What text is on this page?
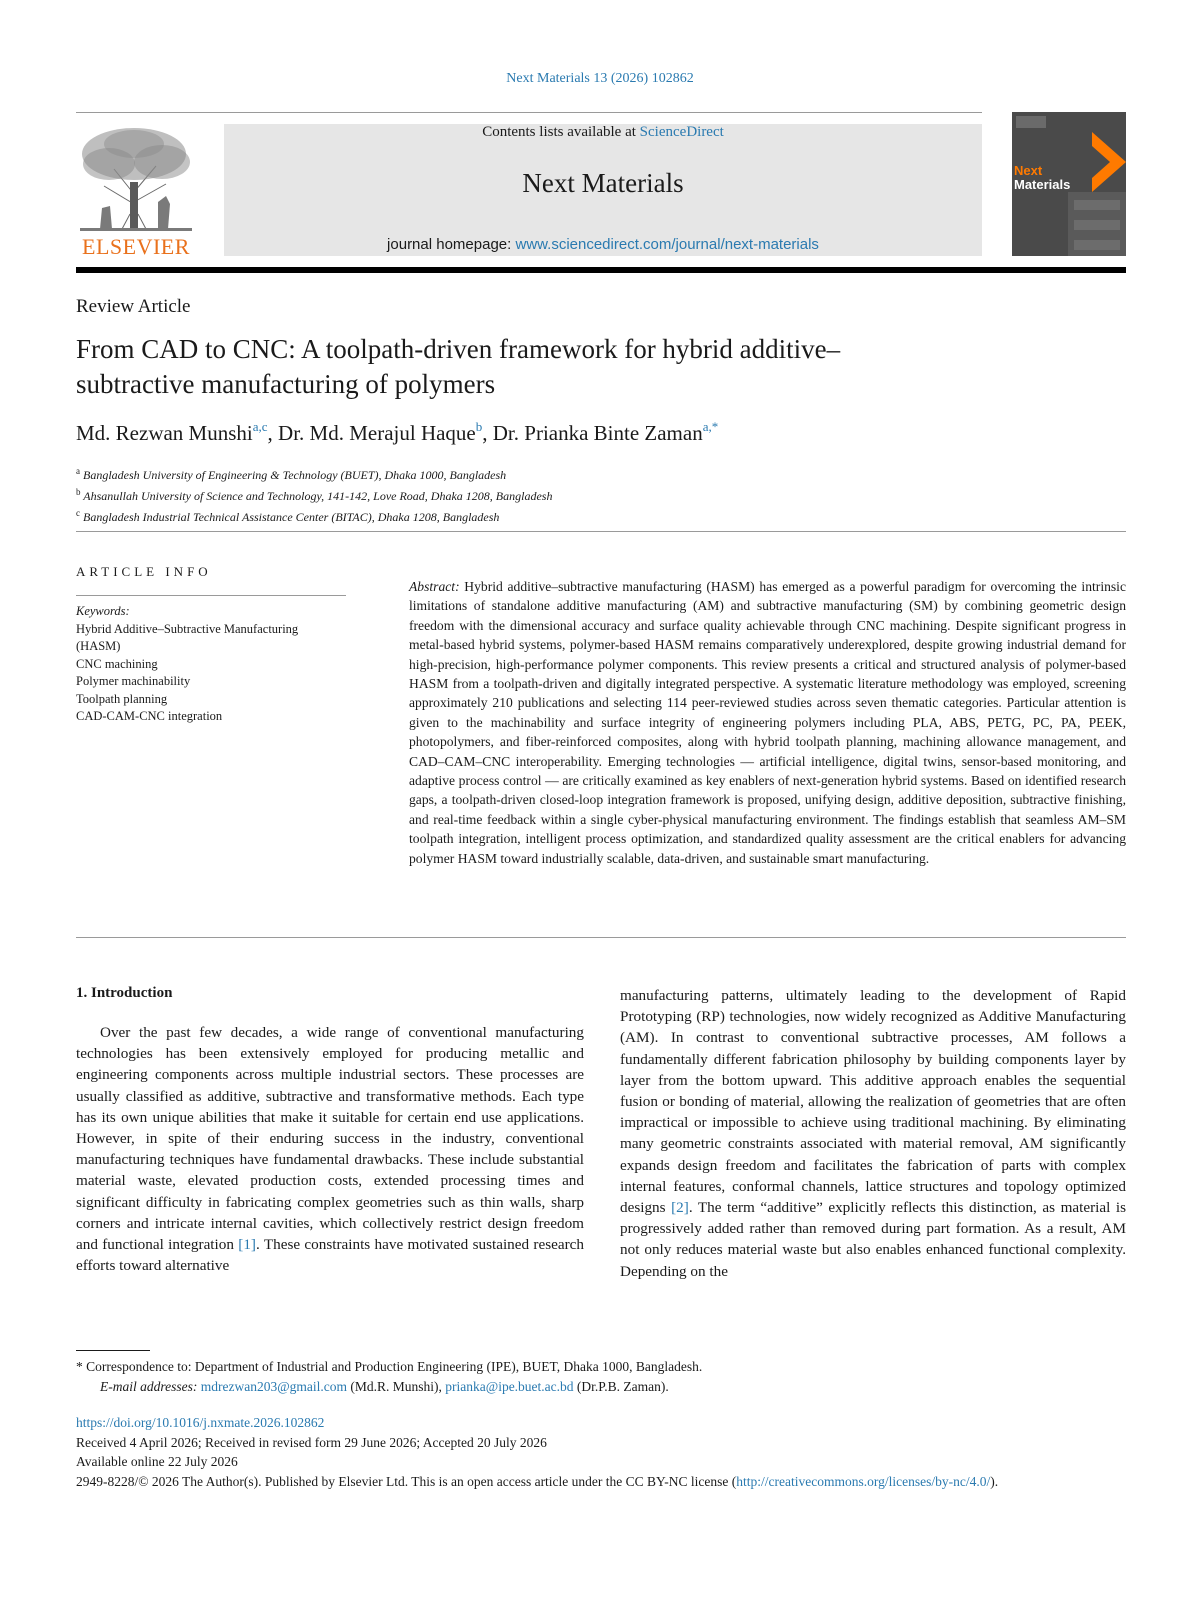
Next Materials 13 (2026) 102862
ELSEVIER
Contents lists available at ScienceDirect
Next Materials
journal homepage: www.sciencedirect.com/journal/next-materials
Next
Materials
Review Article
From CAD to CNC: A toolpath-driven framework for hybrid additive–subtractive manufacturing of polymers
Md. Rezwan Munshi$^{a,c}$, Dr. Md. Merajul Haque$^b$, Dr. Prianka Binte Zaman$^{a,*}$
$^a$ Bangladesh University of Engineering & Technology (BUET), Dhaka 1000, Bangladesh
$^b$ Ahsanullah University of Science and Technology, 141-142, Love Road, Dhaka 1208, Bangladesh
$^c$ Bangladesh Industrial Technical Assistance Center (BITAC), Dhaka 1208, Bangladesh
ARTICLE INFO
Keywords:
Hybrid Additive–Subtractive Manufacturing
(HASM)
CNC machining
Polymer machinability
Toolpath planning
CAD-CAM-CNC integration
Abstract: Hybrid additive–subtractive manufacturing (HASM) has emerged as a powerful paradigm for overcoming the intrinsic limitations of standalone additive manufacturing (AM) and subtractive manufacturing (SM) by combining geometric design freedom with the dimensional accuracy and surface quality achievable through CNC machining. Despite significant progress in metal-based hybrid systems, polymer-based HASM remains comparatively underexplored, despite growing industrial demand for high-precision, high-performance polymer components. This review presents a critical and structured analysis of polymer-based HASM from a toolpath-driven and digitally integrated perspective. A systematic literature methodology was employed, screening approximately 210 publications and selecting 114 peer-reviewed studies across seven thematic categories. Particular attention is given to the machinability and surface integrity of engineering polymers including PLA, ABS, PETG, PC, PA, PEEK, photopolymers, and fiber-reinforced composites, along with hybrid toolpath planning, machining allowance management, and CAD–CAM–CNC interoperability. Emerging technologies — artificial intelligence, digital twins, sensor-based monitoring, and adaptive process control — are critically examined as key enablers of next-generation hybrid systems. Based on identified research gaps, a toolpath-driven closed-loop integration framework is proposed, unifying design, additive deposition, subtractive finishing, and real-time feedback within a single cyber-physical manufacturing environment. The findings establish that seamless AM–SM toolpath integration, intelligent process optimization, and standardized quality assessment are the critical enablers for advancing polymer HASM toward industrially scalable, data-driven, and sustainable smart manufacturing.
1. Introduction

Over the past few decades, a wide range of conventional manufacturing technologies has been extensively employed for producing metallic and engineering components across multiple industrial sectors. These processes are usually classified as additive, subtractive and transformative methods. Each type has its own unique abilities that make it suitable for certain end use applications. However, in spite of their enduring success in the industry, conventional manufacturing techniques have fundamental drawbacks. These include substantial material waste, elevated production costs, extended processing times and significant difficulty in fabricating complex geometries such as thin walls, sharp corners and intricate internal cavities, which collectively restrict design freedom and functional integration [1]. These constraints have motivated sustained research efforts toward alternative

manufacturing patterns, ultimately leading to the development of Rapid Prototyping (RP) technologies, now widely recognized as Additive Manufacturing (AM). In contrast to conventional subtractive processes, AM follows a fundamentally different fabrication philosophy by building components layer by layer from the bottom upward. This additive approach enables the sequential fusion or bonding of material, allowing the realization of geometries that are often impractical or impossible to achieve using traditional machining. By eliminating many geometric constraints associated with material removal, AM significantly expands design freedom and facilitates the fabrication of parts with complex internal features, conformal channels, lattice structures and topology optimized designs [2]. The term “additive” explicitly reflects this distinction, as material is progressively added rather than removed during part formation. As a result, AM not only reduces material waste but also enables enhanced functional complexity. Depending on the

* Correspondence to: Department of Industrial and Production Engineering (IPE), BUET, Dhaka 1000, Bangladesh.
E-mail addresses: mdrezwan203@gmail.com (Md.R. Munshi), prianka@ipe.buet.ac.bd (Dr.P.B. Zaman).
https://doi.org/10.1016/j.nxmate.2026.102862
Received 4 April 2026; Received in revised form 29 June 2026; Accepted 20 July 2026
Available online 22 July 2026
2949-8228/© 2026 The Author(s). Published by Elsevier Ltd. This is an open access article under the CC BY-NC license (http://creativecommons.org/licenses/by-nc/4.0/).
